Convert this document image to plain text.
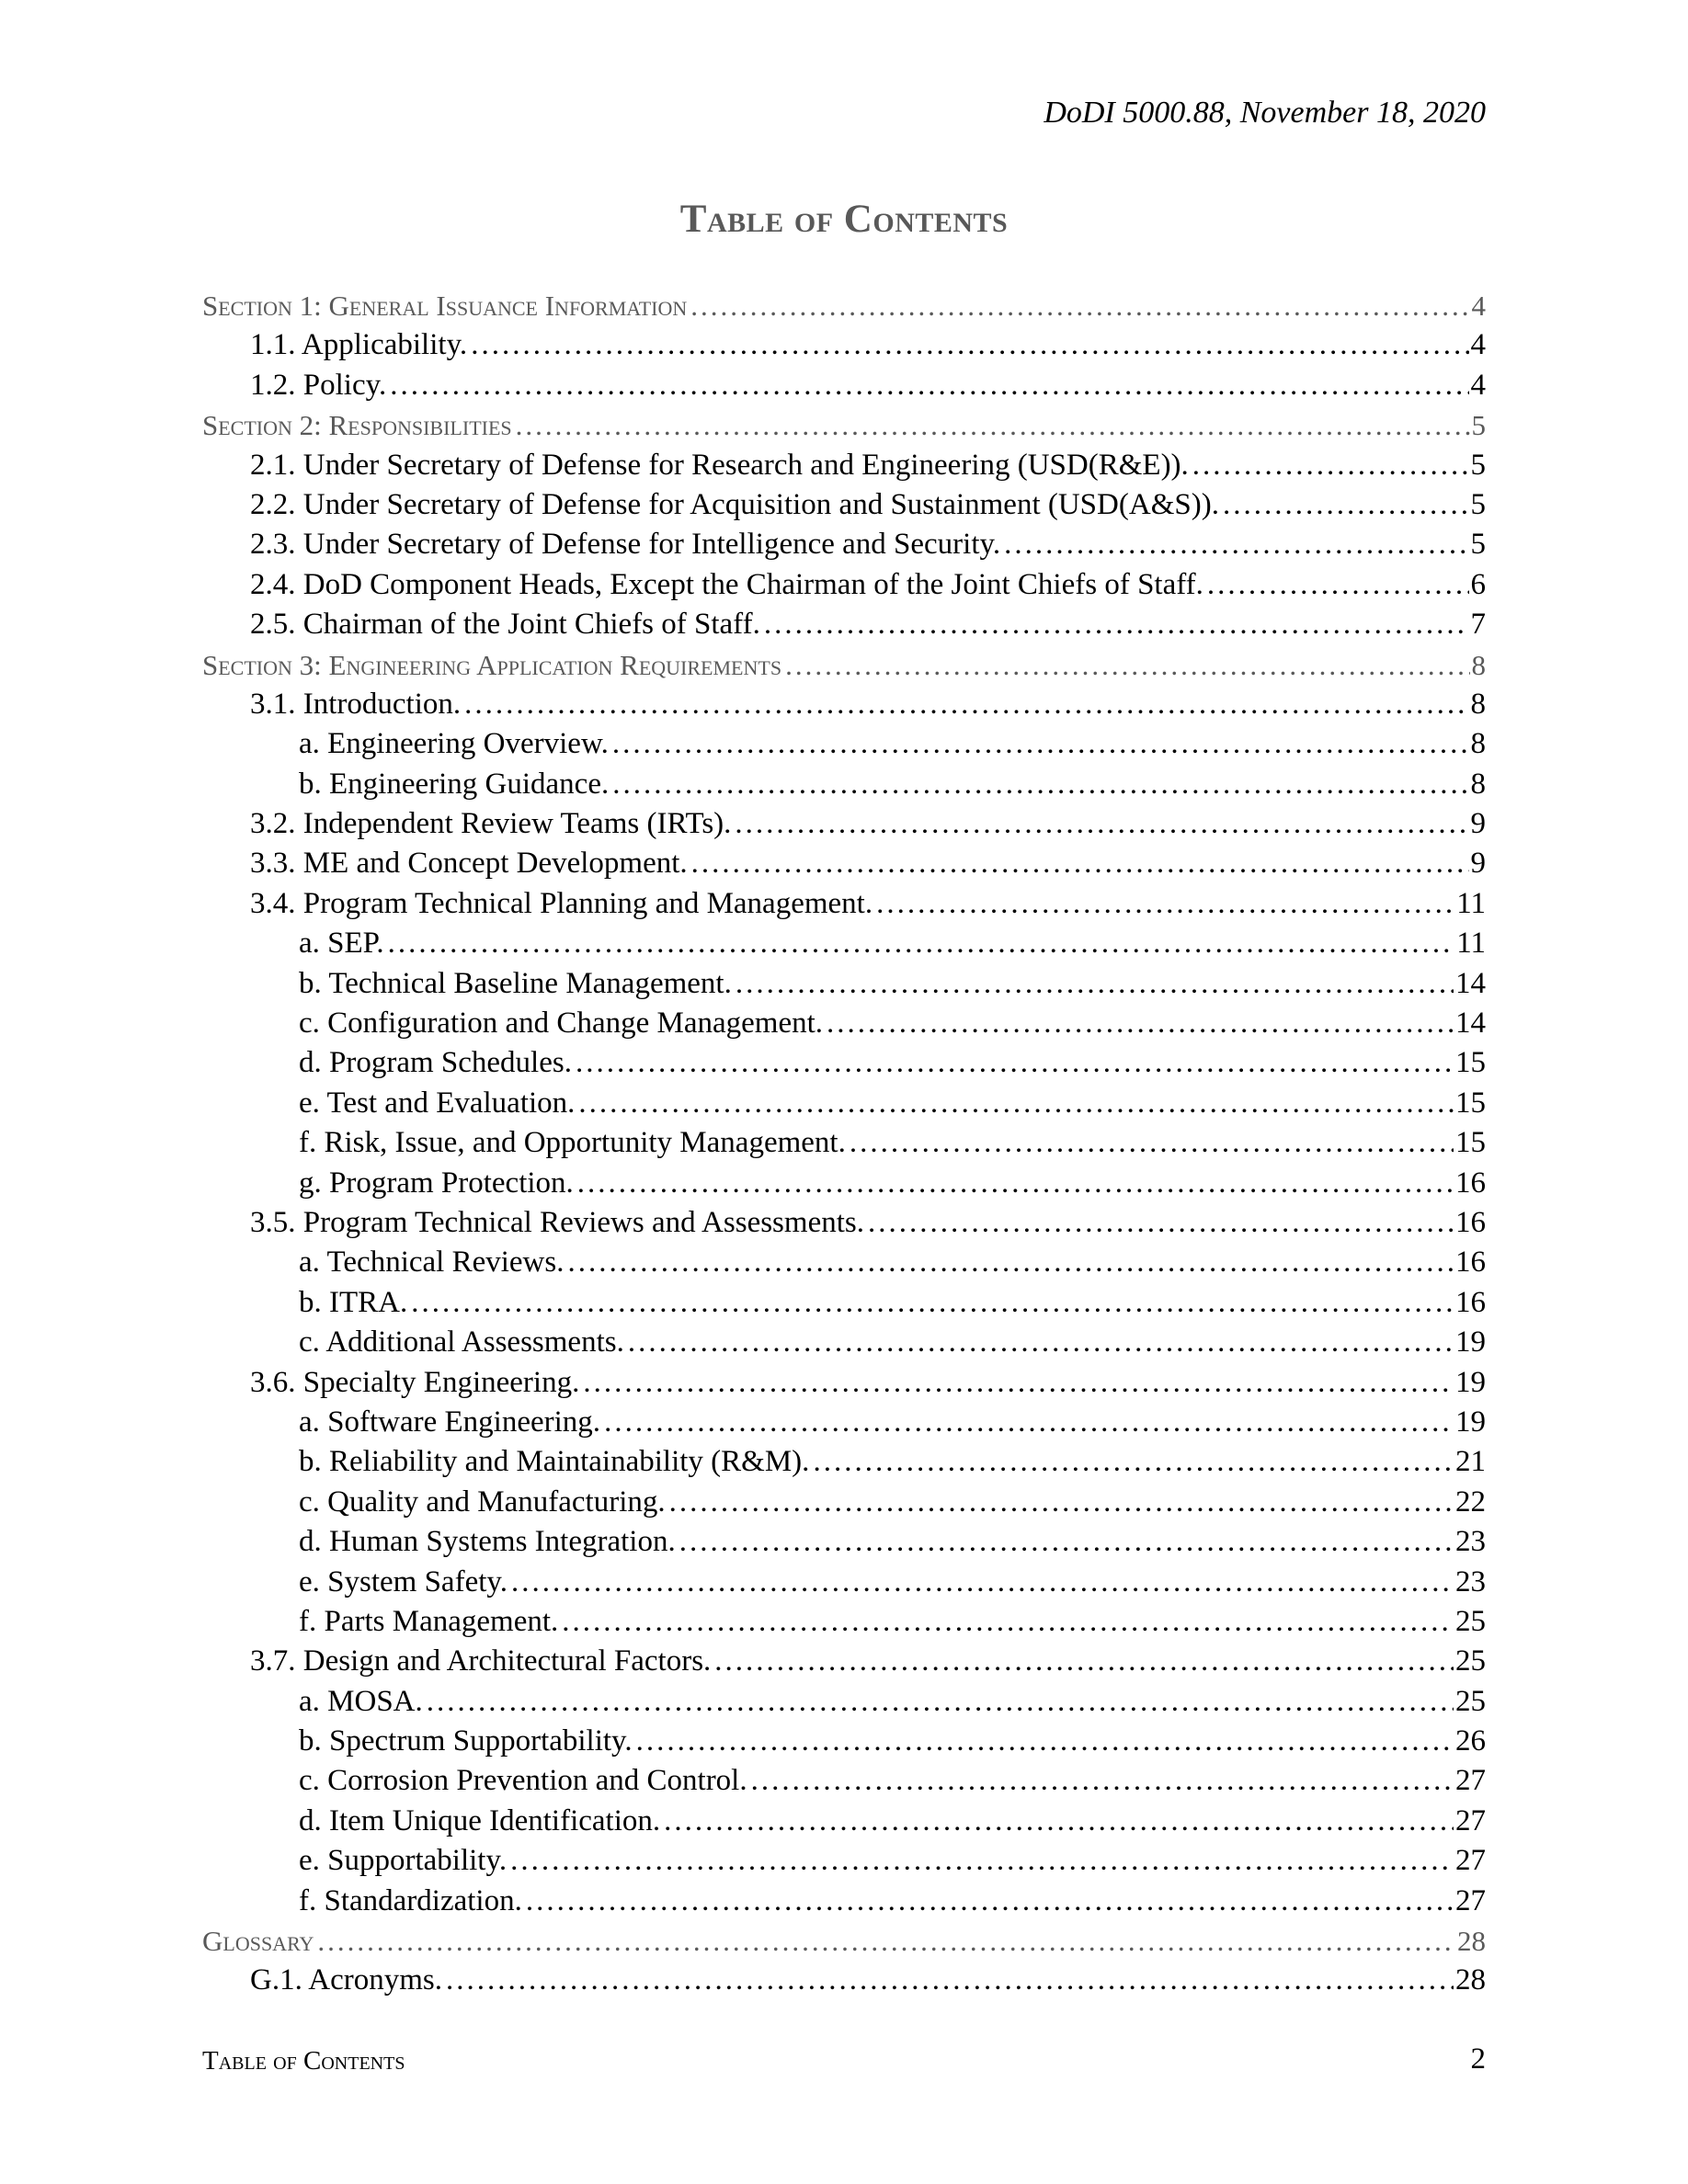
DoDI 5000.88, November 18, 2020
Table of Contents
Section 1: General Issuance Information .....	4
1.1. Applicability. .....	4
1.2. Policy. .....	4
Section 2: Responsibilities .....	5
2.1. Under Secretary of Defense for Research and Engineering (USD(R&E)). .....	5
2.2. Under Secretary of Defense for Acquisition and Sustainment (USD(A&S)). .....	5
2.3. Under Secretary of Defense for Intelligence and Security. .....	5
2.4. DoD Component Heads, Except the Chairman of the Joint Chiefs of Staff. .....	6
2.5. Chairman of the Joint Chiefs of Staff. .....	7
Section 3: Engineering Application Requirements .....	8
3.1. Introduction. .....	8
a. Engineering Overview. .....	8
b. Engineering Guidance. .....	8
3.2. Independent Review Teams (IRTs). .....	9
3.3. ME and Concept Development. .....	9
3.4. Program Technical Planning and Management. .....	11
a. SEP. .....	11
b. Technical Baseline Management. .....	14
c. Configuration and Change Management. .....	14
d. Program Schedules. .....	15
e. Test and Evaluation. .....	15
f. Risk, Issue, and Opportunity Management. .....	15
g. Program Protection. .....	16
3.5. Program Technical Reviews and Assessments. .....	16
a. Technical Reviews. .....	16
b. ITRA. .....	16
c. Additional Assessments. .....	19
3.6. Specialty Engineering. .....	19
a. Software Engineering. .....	19
b. Reliability and Maintainability (R&M). .....	21
c. Quality and Manufacturing. .....	22
d. Human Systems Integration. .....	23
e. System Safety. .....	23
f. Parts Management. .....	25
3.7. Design and Architectural Factors. .....	25
a. MOSA. .....	25
b. Spectrum Supportability. .....	26
c. Corrosion Prevention and Control. .....	27
d. Item Unique Identification. .....	27
e. Supportability. .....	27
f. Standardization. .....	27
Glossary .....	28
G.1. Acronyms. .....	28
Table of Contents	2
